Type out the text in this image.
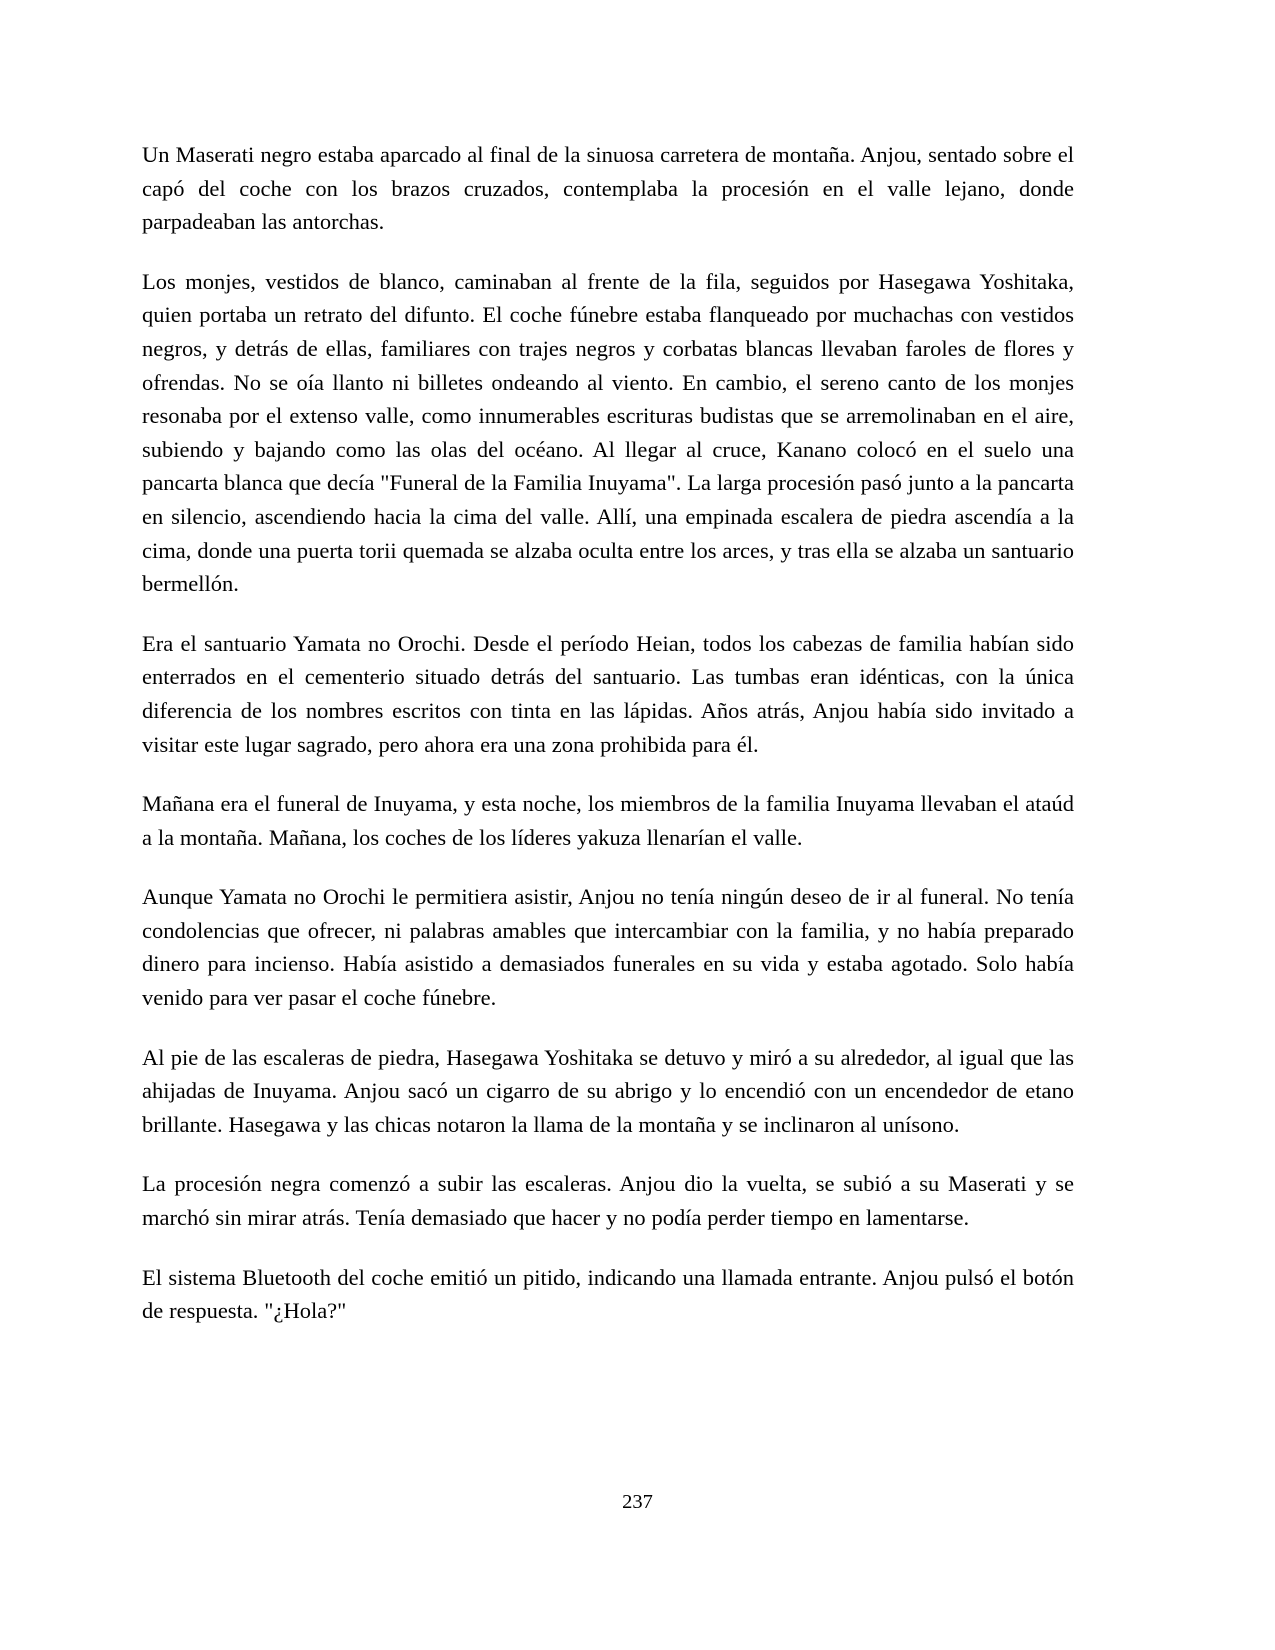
Un Maserati negro estaba aparcado al final de la sinuosa carretera de montaña. Anjou, sentado sobre el capó del coche con los brazos cruzados, contemplaba la procesión en el valle lejano, donde parpadeaban las antorchas.

Los monjes, vestidos de blanco, caminaban al frente de la fila, seguidos por Hasegawa Yoshitaka, quien portaba un retrato del difunto. El coche fúnebre estaba flanqueado por muchachas con vestidos negros, y detrás de ellas, familiares con trajes negros y corbatas blancas llevaban faroles de flores y ofrendas. No se oía llanto ni billetes ondeando al viento. En cambio, el sereno canto de los monjes resonaba por el extenso valle, como innumerables escrituras budistas que se arremolinaban en el aire, subiendo y bajando como las olas del océano. Al llegar al cruce, Kanano colocó en el suelo una pancarta blanca que decía "Funeral de la Familia Inuyama". La larga procesión pasó junto a la pancarta en silencio, ascendiendo hacia la cima del valle. Allí, una empinada escalera de piedra ascendía a la cima, donde una puerta torii quemada se alzaba oculta entre los arces, y tras ella se alzaba un santuario bermellón.

Era el santuario Yamata no Orochi. Desde el período Heian, todos los cabezas de familia habían sido enterrados en el cementerio situado detrás del santuario. Las tumbas eran idénticas, con la única diferencia de los nombres escritos con tinta en las lápidas. Años atrás, Anjou había sido invitado a visitar este lugar sagrado, pero ahora era una zona prohibida para él.

Mañana era el funeral de Inuyama, y esta noche, los miembros de la familia Inuyama llevaban el ataúd a la montaña. Mañana, los coches de los líderes yakuza llenarían el valle.

Aunque Yamata no Orochi le permitiera asistir, Anjou no tenía ningún deseo de ir al funeral. No tenía condolencias que ofrecer, ni palabras amables que intercambiar con la familia, y no había preparado dinero para incienso. Había asistido a demasiados funerales en su vida y estaba agotado. Solo había venido para ver pasar el coche fúnebre.

Al pie de las escaleras de piedra, Hasegawa Yoshitaka se detuvo y miró a su alrededor, al igual que las ahijadas de Inuyama. Anjou sacó un cigarro de su abrigo y lo encendió con un encendedor de etano brillante. Hasegawa y las chicas notaron la llama de la montaña y se inclinaron al unísono.

La procesión negra comenzó a subir las escaleras. Anjou dio la vuelta, se subió a su Maserati y se marchó sin mirar atrás. Tenía demasiado que hacer y no podía perder tiempo en lamentarse.

El sistema Bluetooth del coche emitió un pitido, indicando una llamada entrante. Anjou pulsó el botón de respuesta. "¿Hola?"

237
